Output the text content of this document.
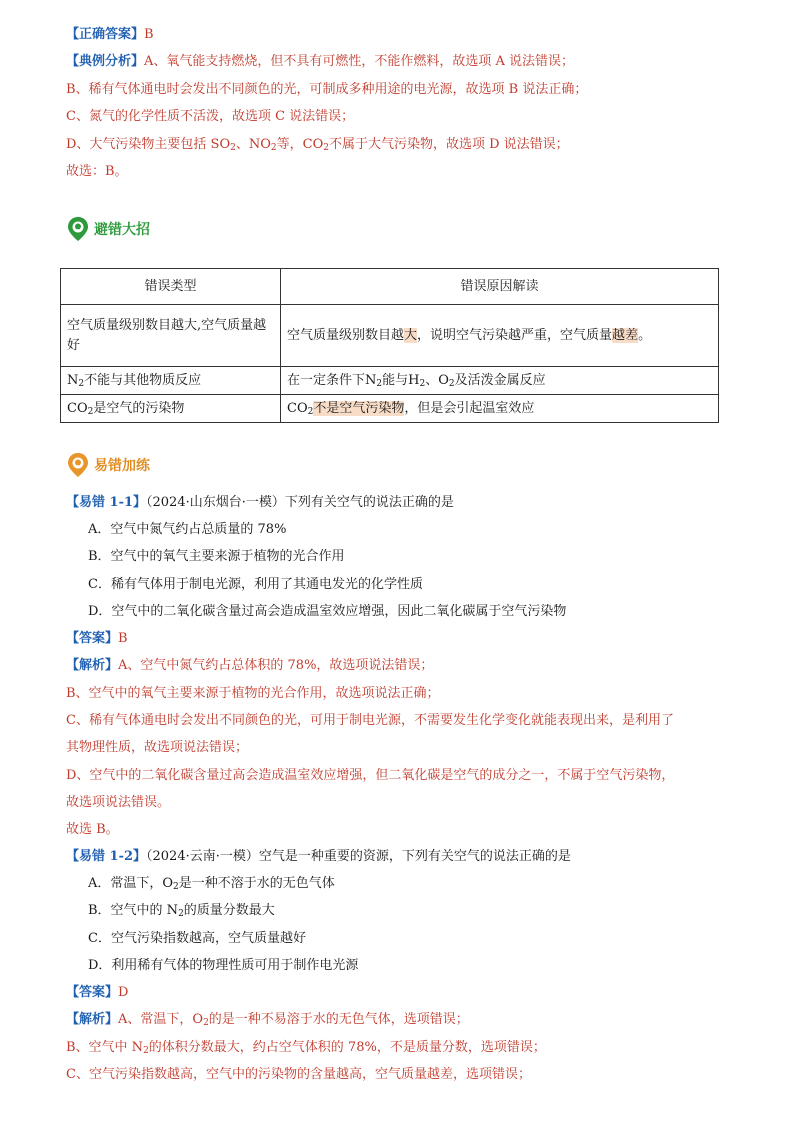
【正确答案】B
【典例分析】A、氧气能支持燃烧，但不具有可燃性，不能作燃料，故选项 A 说法错误；
B、稀有气体通电时会发出不同颜色的光，可制成多种用途的电光源，故选项 B 说法正确；
C、氮气的化学性质不活泼，故选项 C 说法错误；
D、大气污染物主要包括 $SO_2$、$NO_2$等，$CO_2$不属于大气污染物，故选项 D 说法错误；
故选：B。
避错大招
错误类型	错误原因解读
空气质量级别数目越大,空气质量越好	空气质量级别数目越大，说明空气污染越严重，空气质量越差。
$N_2$不能与其他物质反应	在一定条件下$N_2$能与$H_2$、$O_2$及活泼金属反应
$CO_2$是空气的污染物	$CO_2$不是空气污染物，但是会引起温室效应
易错加练
【易错 1-1】（2024·山东烟台·一模）下列有关空气的说法正确的是
A．空气中氮气约占总质量的 78%
B．空气中的氧气主要来源于植物的光合作用
C．稀有气体用于制电光源，利用了其通电发光的化学性质
D．空气中的二氧化碳含量过高会造成温室效应增强，因此二氧化碳属于空气污染物
【答案】B
【解析】A、空气中氮气约占总体积的 78%，故选项说法错误；
B、空气中的氧气主要来源于植物的光合作用，故选项说法正确；
C、稀有气体通电时会发出不同颜色的光，可用于制电光源，不需要发生化学变化就能表现出来，是利用了
其物理性质，故选项说法错误；
D、空气中的二氧化碳含量过高会造成温室效应增强，但二氧化碳是空气的成分之一，不属于空气污染物，
故选项说法错误。
故选 B。
【易错 1-2】（2024·云南·一模）空气是一种重要的资源，下列有关空气的说法正确的是
A．常温下，$O_2$是一种不溶于水的无色气体
B．空气中的 $N_2$的质量分数最大
C．空气污染指数越高，空气质量越好
D．利用稀有气体的物理性质可用于制作电光源
【答案】D
【解析】A、常温下，$O_2$的是一种不易溶于水的无色气体，选项错误；
B、空气中 $N_2$的体积分数最大，约占空气体积的 78%，不是质量分数，选项错误；
C、空气污染指数越高，空气中的污染物的含量越高，空气质量越差，选项错误；
